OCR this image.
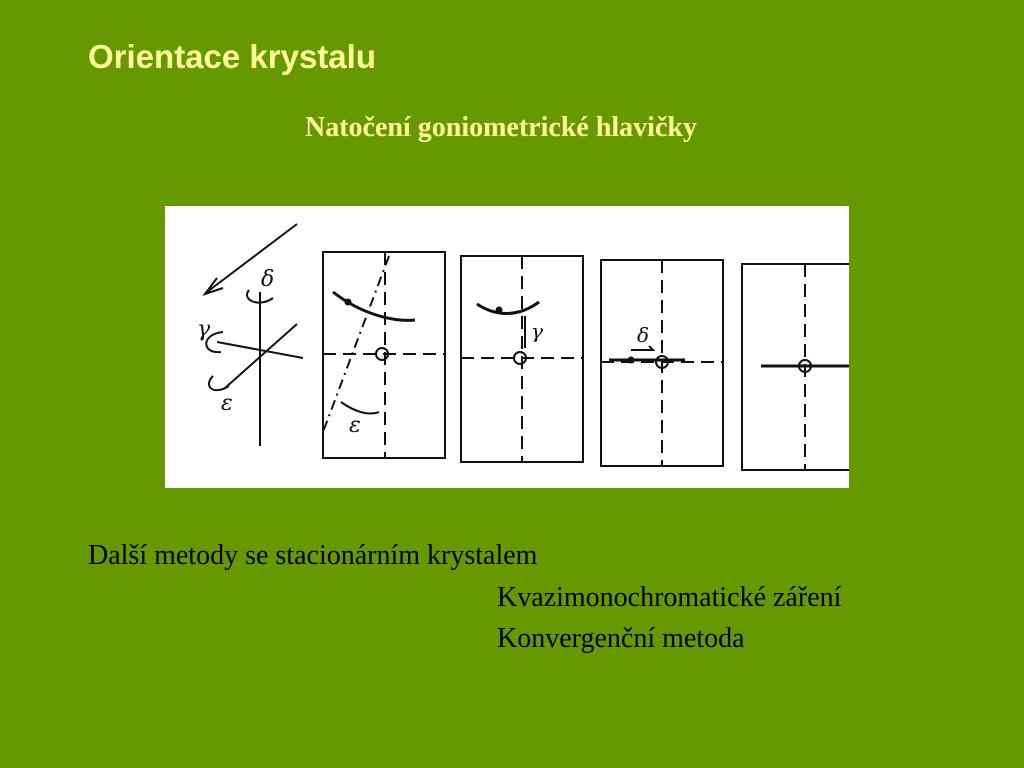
Orientace krystalu
Natočení goniometrické hlavičky
δ
γ
ε
ε
γ	δ

Další metody se stacionárním krystalem

Kvazimonochromatické záření

Konvergenční metoda
